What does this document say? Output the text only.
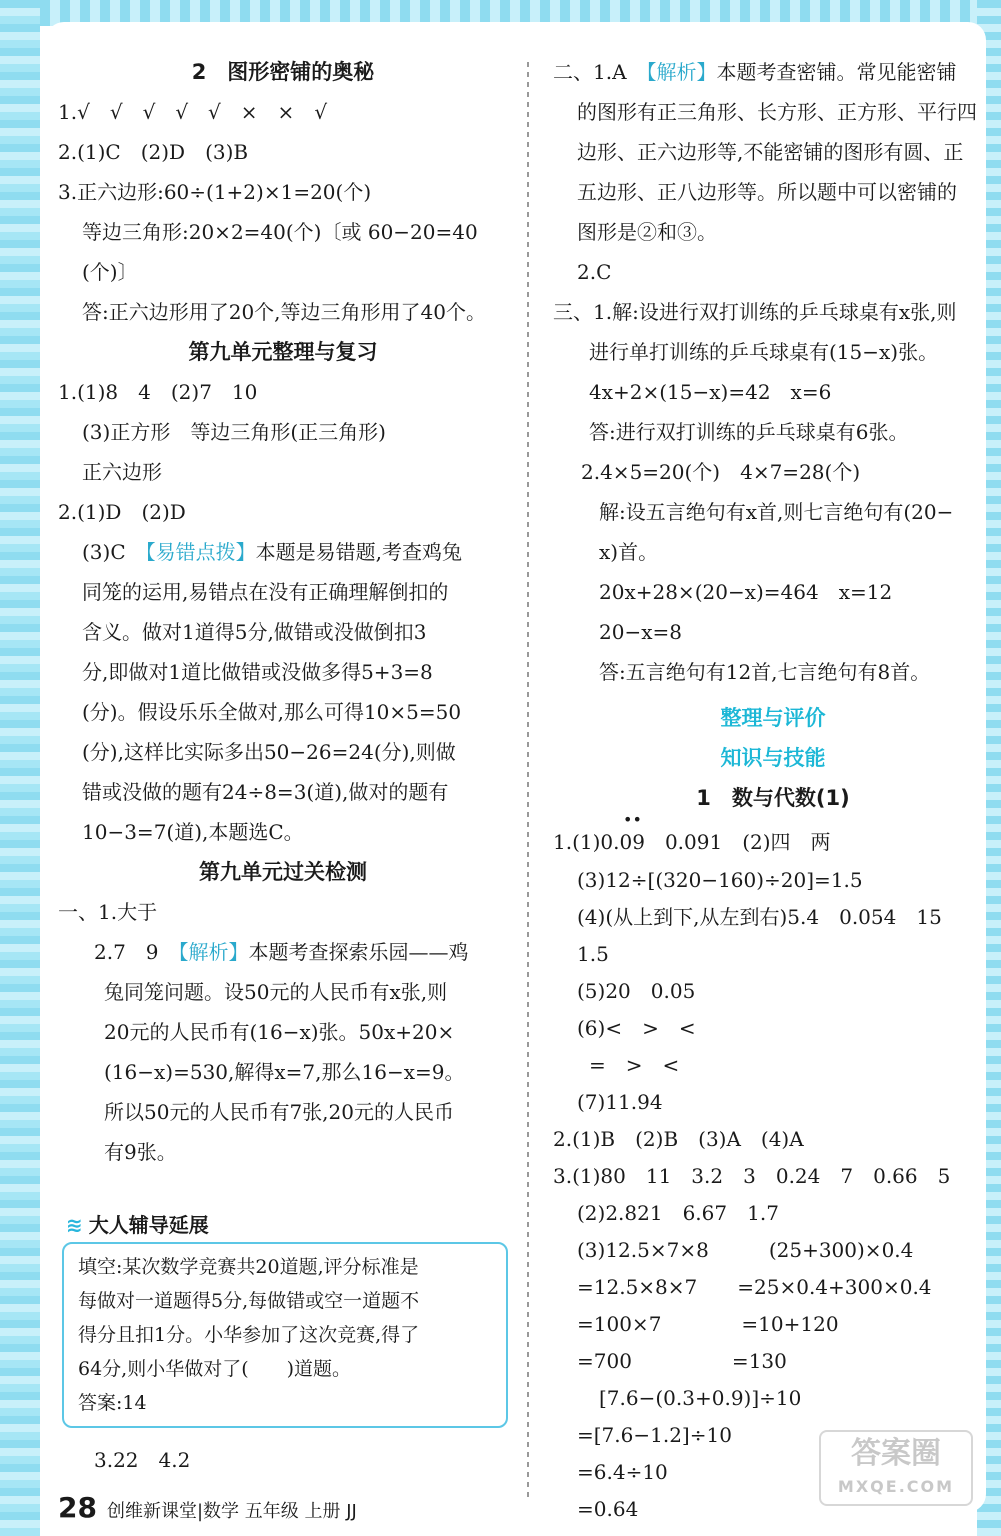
2　图形密铺的奥秘

1.√　√　√　√　√　×　×　√

2.(1)C　(2)D　(3)B

3.正六边形:60÷(1+2)×1=20(个)

等边三角形:20×2=40(个)〔或 60−20=40

(个)〕

答:正六边形用了20个,等边三角形用了40个。

第九单元整理与复习

1.(1)8　4　(2)7　10

(3)正方形　等边三角形(正三角形)

正六边形

2.(1)D　(2)D

(3)C　【易错点拨】本题是易错题,考查鸡兔

同笼的运用,易错点在没有正确理解倒扣的

含义。做对1道得5分,做错或没做倒扣3

分,即做对1道比做错或没做多得5+3=8

(分)。假设乐乐全做对,那么可得10×5=50

(分),这样比实际多出50−26=24(分),则做

错或没做的题有24÷8=3(道),做对的题有

10−3=7(道),本题选C。

第九单元过关检测

一、1.大于

2.7　9　【解析】本题考查探索乐园——鸡

兔同笼问题。设50元的人民币有x张,则

20元的人民币有(16−x)张。50x+20×

(16−x)=530,解得x=7,那么16−x=9。

所以50元的人民币有7张,20元的人民币

有9张。

≋ 大人辅导延展
填空:某次数学竞赛共20道题,评分标准是
每做对一道题得5分,每做错或空一道题不
得分且扣1分。小华参加了这次竞赛,得了
64分,则小华做对了(　　)道题。
答案:14
3.22　4.2

二、1.A　【解析】本题考查密铺。常见能密铺

的图形有正三角形、长方形、正方形、平行四

边形、正六边形等,不能密铺的图形有圆、正

五边形、正八边形等。所以题中可以密铺的

图形是②和③。

2.C

三、1.解:设进行双打训练的乒乓球桌有x张,则

进行单打训练的乒乓球桌有(15−x)张。

4x+2×(15−x)=42　x=6

答:进行双打训练的乒乓球桌有6张。

2.4×5=20(个)　4×7=28(个)

解:设五言绝句有x首,则七言绝句有(20−

x)首。

20x+28×(20−x)=464　x=12

20−x=8

答:五言绝句有12首,七言绝句有8首。

整理与评价

知识与技能

1　数与代数(1)

••

1.(1)0.09　0.091　(2)四　两

(3)12÷[(320−160)÷20]=1.5

(4)(从上到下,从左到右)5.4　0.054　15

1.5

(5)20　0.05

(6)<　>　<

=　>　<

(7)11.94

2.(1)B　(2)B　(3)A　(4)A

3.(1)80　11　3.2　3　0.24　7　0.66　5

(2)2.821　6.67　1.7

(3)12.5×7×8　　　(25+300)×0.4

=12.5×8×7　　=25×0.4+300×0.4

=100×7　　　　=10+120

=700　　　　　=130

[7.6−(0.3+0.9)]÷10

=[7.6−1.2]÷10

=6.4÷10

=0.64

28 创维新课堂|数学 五年级 上册 JJ
答案圈
MXQE.COM
